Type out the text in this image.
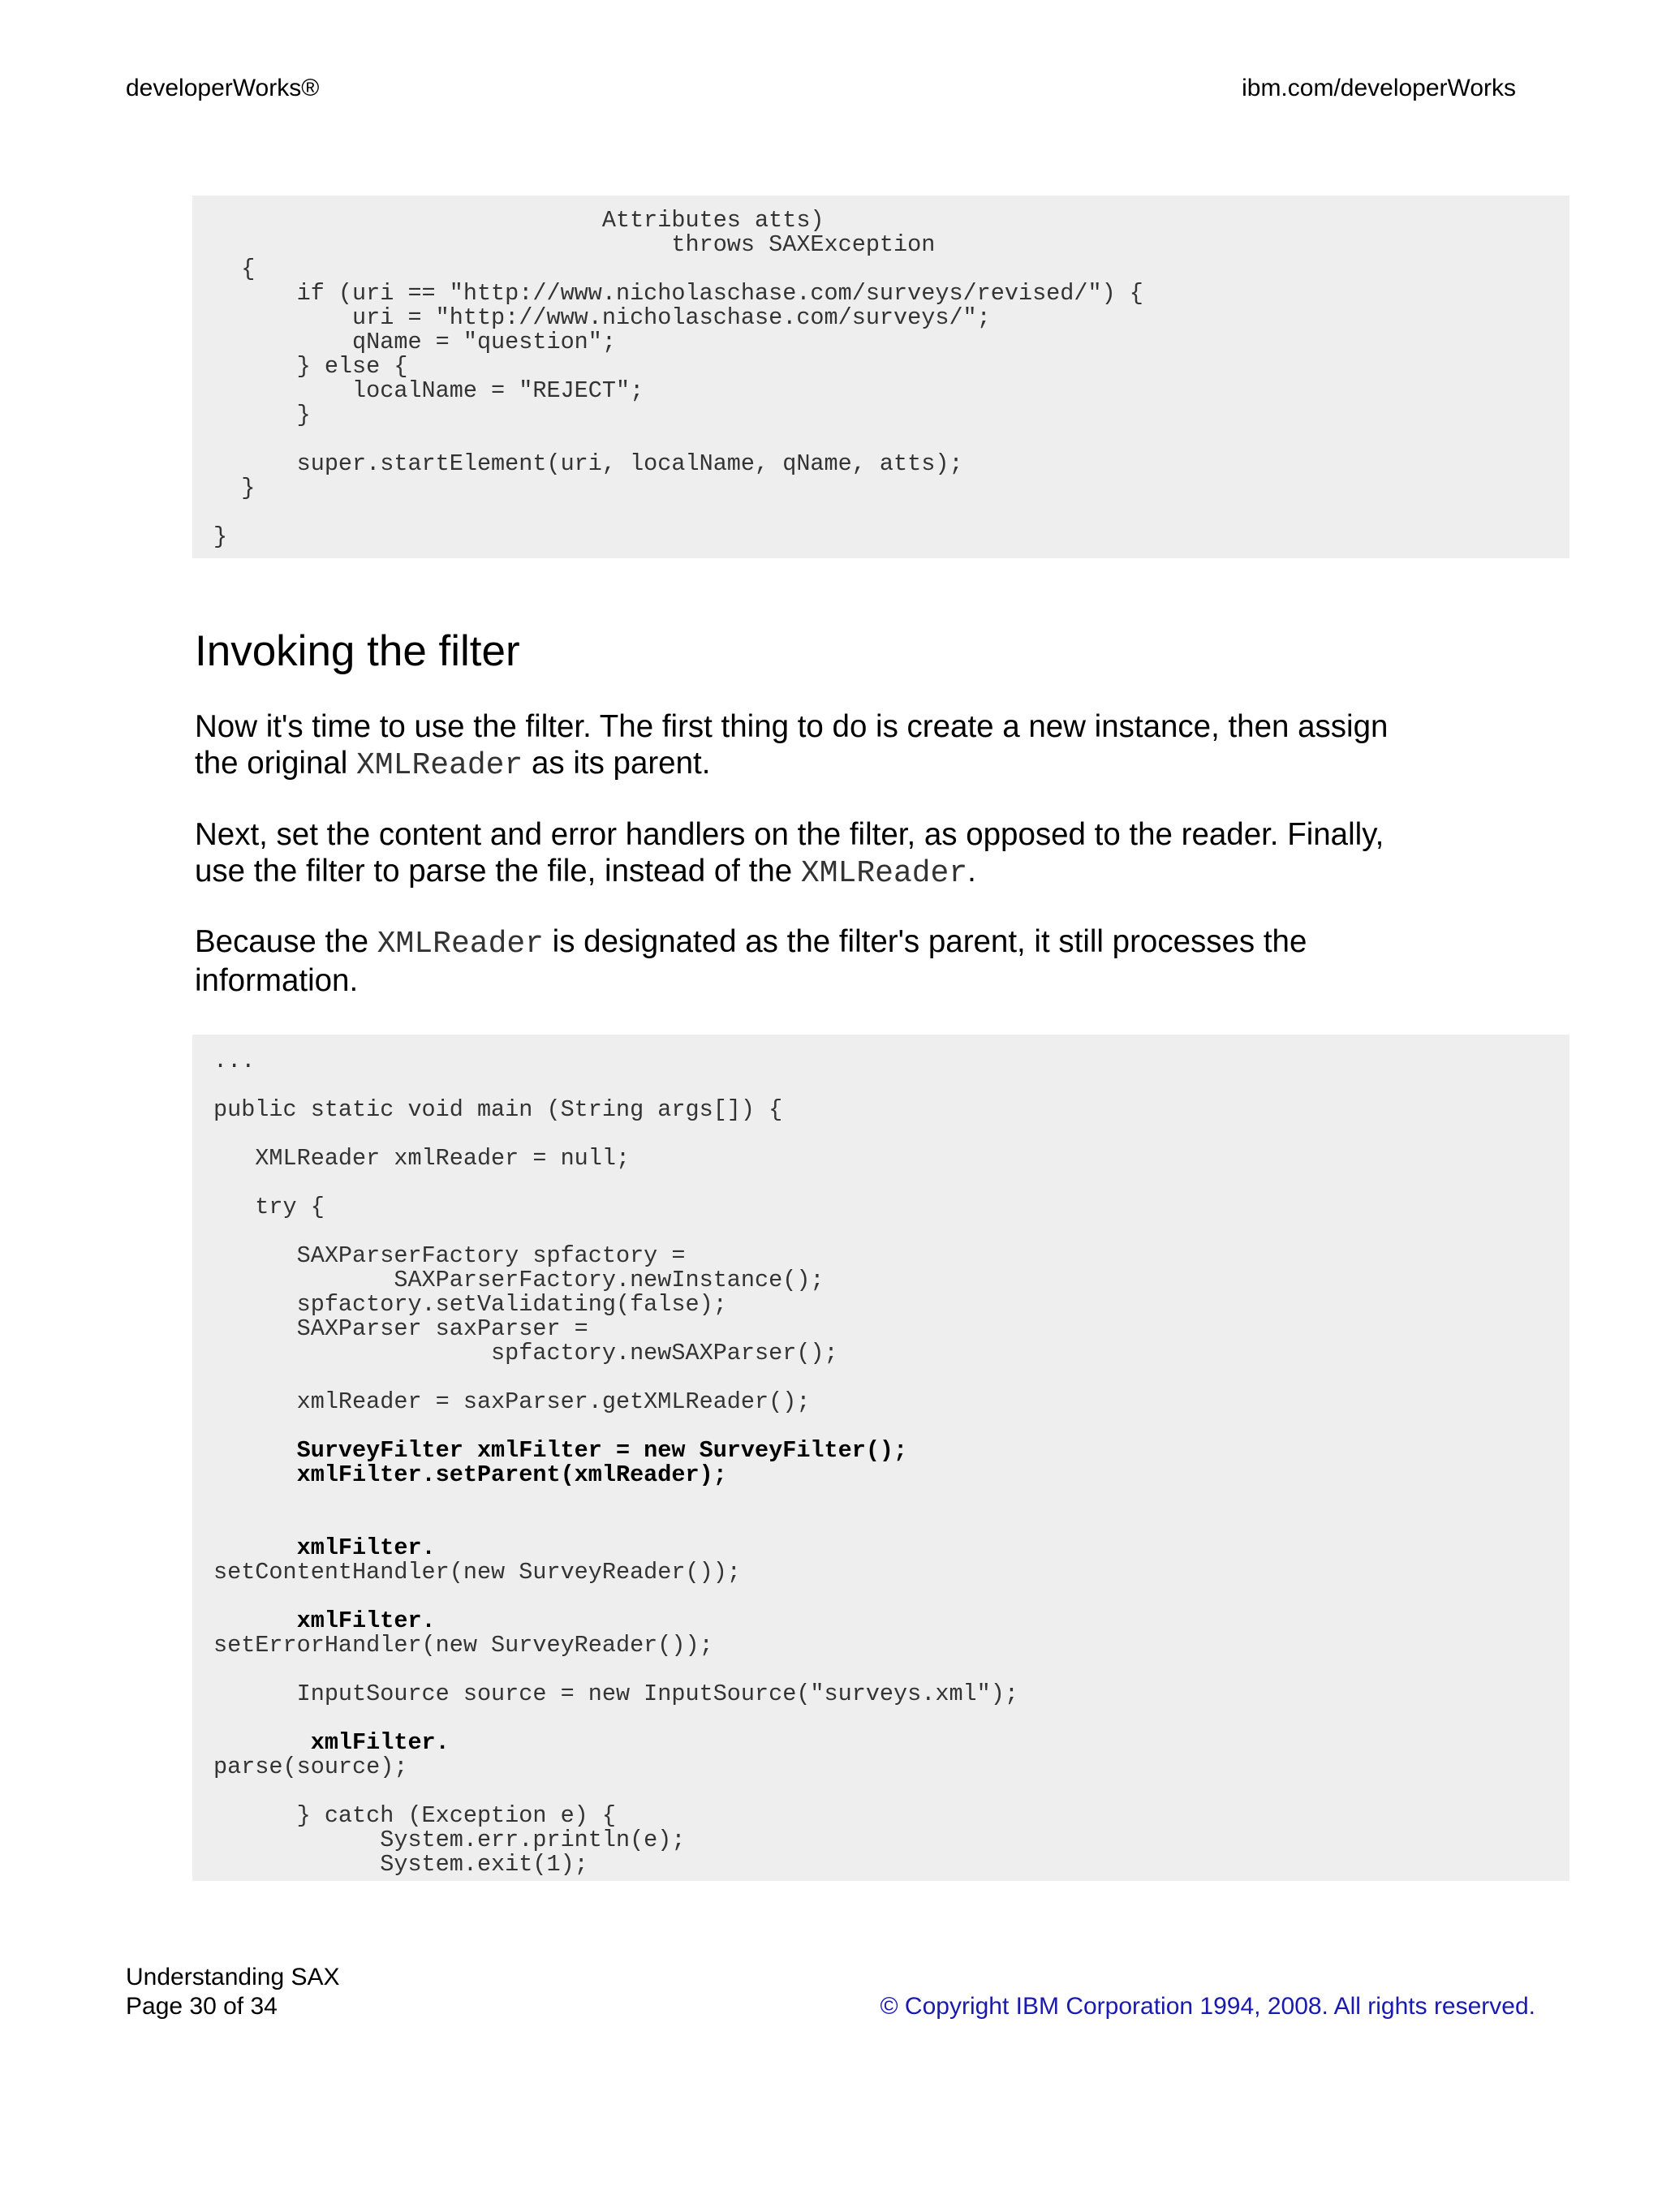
developerWorks®	ibm.com/developerWorks
Attributes atts)
throws SAXException
{
if (uri == "http://www.nicholaschase.com/surveys/revised/") {
uri = "http://www.nicholaschase.com/surveys/";
qName = "question";
} else {
localName = "REJECT";
}
super.startElement(uri, localName, qName, atts);
}
}
Invoking the filter

Now it's time to use the filter. The first thing to do is create a new instance, then assign the original XMLReader as its parent.

Next, set the content and error handlers on the filter, as opposed to the reader. Finally, use the filter to parse the file, instead of the XMLReader.

Because the XMLReader is designated as the filter's parent, it still processes the information.

...
public static void main (String args[]) {
XMLReader xmlReader = null;
try {
SAXParserFactory spfactory =
SAXParserFactory.newInstance();
spfactory.setValidating(false);
SAXParser saxParser =
spfactory.newSAXParser();
xmlReader = saxParser.getXMLReader();
SurveyFilter xmlFilter = new SurveyFilter();
xmlFilter.setParent(xmlReader);
xmlFilter.
setContentHandler(new SurveyReader());
xmlFilter.
setErrorHandler(new SurveyReader());
InputSource source = new InputSource("surveys.xml");
xmlFilter.
parse(source);
} catch (Exception e) {
System.err.println(e);
System.exit(1);
Understanding SAX
Page 30 of 34	© Copyright IBM Corporation 1994, 2008. All rights reserved.
